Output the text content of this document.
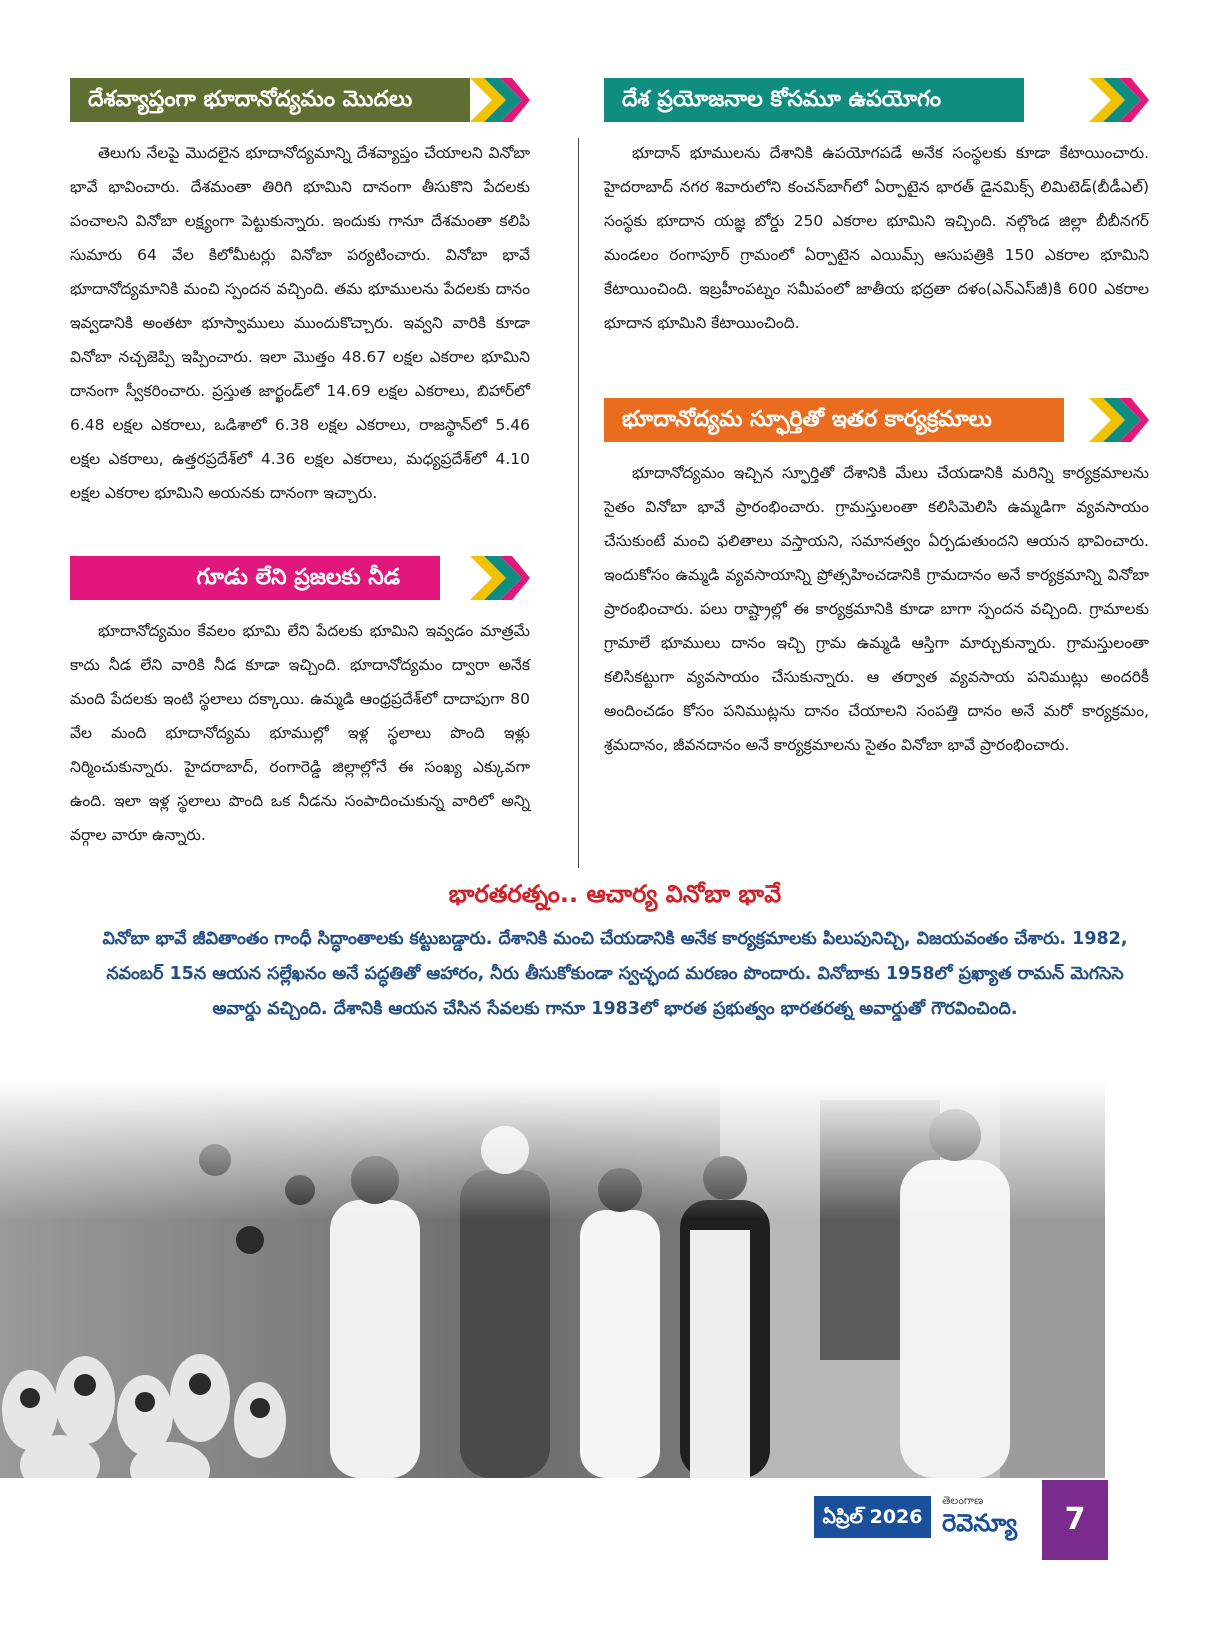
దేశవ్యాప్తంగా భూదానోద్యమం మొదలు

తెలుగు నేలపై మొదలైన భూదానోద్యమాన్ని దేశవ్యాప్తం చేయాలని వినోబా భావే భావించారు. దేశమంతా తిరిగి భూమిని దానంగా తీసుకొని పేదలకు పంచాలని వినోబా లక్ష్యంగా పెట్టుకున్నారు. ఇందుకు గానూ దేశమంతా కలిపి సుమారు 64 వేల కిలోమీటర్లు వినోబా పర్యటించారు. వినోబా భావే భూదానోద్యమానికి మంచి స్పందన వచ్చింది. తమ భూములను పేదలకు దానం ఇవ్వడానికి అంతటా భూస్వాములు ముందుకొచ్చారు. ఇవ్వని వారికి కూడా వినోబా నచ్చజెప్పి ఇప్పించారు. ఇలా మొత్తం 48.67 లక్షల ఎకరాల భూమిని దానంగా స్వీకరించారు. ప్రస్తుత జార్ఖండ్‌లో 14.69 లక్షల ఎకరాలు, బిహార్‌లో 6.48 లక్షల ఎకరాలు, ఒడిశాలో 6.38 లక్షల ఎకరాలు, రాజస్థాన్‌లో 5.46 లక్షల ఎకరాలు, ఉత్తరప్రదేశ్‌లో 4.36 లక్షల ఎకరాలు, మధ్యప్రదేశ్‌లో 4.10 లక్షల ఎకరాల భూమిని అయనకు దానంగా ఇచ్చారు.

గూడు లేని ప్రజలకు నీడ

భూదానోద్యమం కేవలం భూమి లేని పేదలకు భూమిని ఇవ్వడం మాత్రమే కాదు నీడ లేని వారికి నీడ కూడా ఇచ్చింది. భూదానోద్యమం ద్వారా అనేక మంది పేదలకు ఇంటి స్థలాలు దక్కాయి. ఉమ్మడి ఆంధ్రప్రదేశ్‌లో దాదాపుగా 80 వేల మంది భూదానోద్యమ భూముల్లో ఇళ్ల స్థలాలు పొంది ఇళ్లు నిర్మించుకున్నారు. హైదరాబాద్, రంగారెడ్డి జిల్లాల్లోనే ఈ సంఖ్య ఎక్కువగా ఉంది. ఇలా ఇళ్ల స్థలాలు పొంది ఒక నీడను సంపాదించుకున్న వారిలో అన్ని వర్గాల వారూ ఉన్నారు.

దేశ ప్రయోజనాల కోసమూ ఉపయోగం

భూదాన్ భూములను దేశానికి ఉపయోగపడే అనేక సంస్థలకు కూడా కేటాయించారు. హైదరాబాద్ నగర శివారులోని కంచన్‌బాగ్‌లో ఏర్పాటైన భారత్ డైనమిక్స్ లిమిటెడ్(బీడీఎల్) సంస్థకు భూదాన యజ్ఞ బోర్డు 250 ఎకరాల భూమిని ఇచ్చింది. నల్గొండ జిల్లా బీబీనగర్ మండలం రంగాపూర్ గ్రామంలో ఏర్పాటైన ఎయిమ్స్ ఆసుపత్రికి 150 ఎకరాల భూమిని కేటాయించింది. ఇబ్రహీంపట్నం సమీపంలో జాతీయ భద్రతా దళం(ఎన్ఎస్‌జీ)కి 600 ఎకరాల భూదాన భూమిని కేటాయించింది.

భూదానోద్యమ స్ఫూర్తితో ఇతర కార్యక్రమాలు

భూదానోద్యమం ఇచ్చిన స్ఫూర్తితో దేశానికి మేలు చేయడానికి మరిన్ని కార్యక్రమాలను సైతం వినోబా భావే ప్రారంభించారు. గ్రామస్తులంతా కలిసిమెలిసి ఉమ్మడిగా వ్యవసాయం చేసుకుంటే మంచి ఫలితాలు వస్తాయని, సమానత్వం ఏర్పడుతుందని ఆయన భావించారు. ఇందుకోసం ఉమ్మడి వ్యవసాయాన్ని ప్రోత్సహించడానికి గ్రామదానం అనే కార్యక్రమాన్ని వినోబా ప్రారంభించారు. పలు రాష్ట్రాల్లో ఈ కార్యక్రమానికి కూడా బాగా స్పందన వచ్చింది. గ్రామాలకు గ్రామాలే భూములు దానం ఇచ్చి గ్రామ ఉమ్మడి ఆస్తిగా మార్చుకున్నారు. గ్రామస్తులంతా కలిసికట్టుగా వ్యవసాయం చేసుకున్నారు. ఆ తర్వాత వ్యవసాయ పనిముట్లు అందరికీ అందించడం కోసం పనిముట్లను దానం చేయాలని సంపత్తి దానం అనే మరో కార్యక్రమం, శ్రమదానం, జీవనదానం అనే కార్యక్రమాలను సైతం వినోబా భావే ప్రారంభించారు.

భారతరత్నం.. ఆచార్య వినోబా భావే
వినోబా భావే జీవితాంతం గాంధీ సిద్ధాంతాలకు కట్టుబడ్డారు. దేశానికి మంచి చేయడానికి అనేక కార్యక్రమాలకు పిలుపునిచ్చి, విజయవంతం చేశారు. 1982, నవంబర్ 15న ఆయన సల్లేఖనం అనే పద్ధతితో ఆహారం, నీరు తీసుకోకుండా స్వచ్ఛంద మరణం పొందారు. వినోబాకు 1958లో ప్రఖ్యాత రామన్ మెగసెసె అవార్డు వచ్చింది. దేశానికి ఆయన చేసిన సేవలకు గానూ 1983లో భారత ప్రభుత్వం భారతరత్న అవార్డుతో గౌరవించింది.
ఏప్రిల్ 2026
తెలంగాణ
రెవెన్యూ	7
